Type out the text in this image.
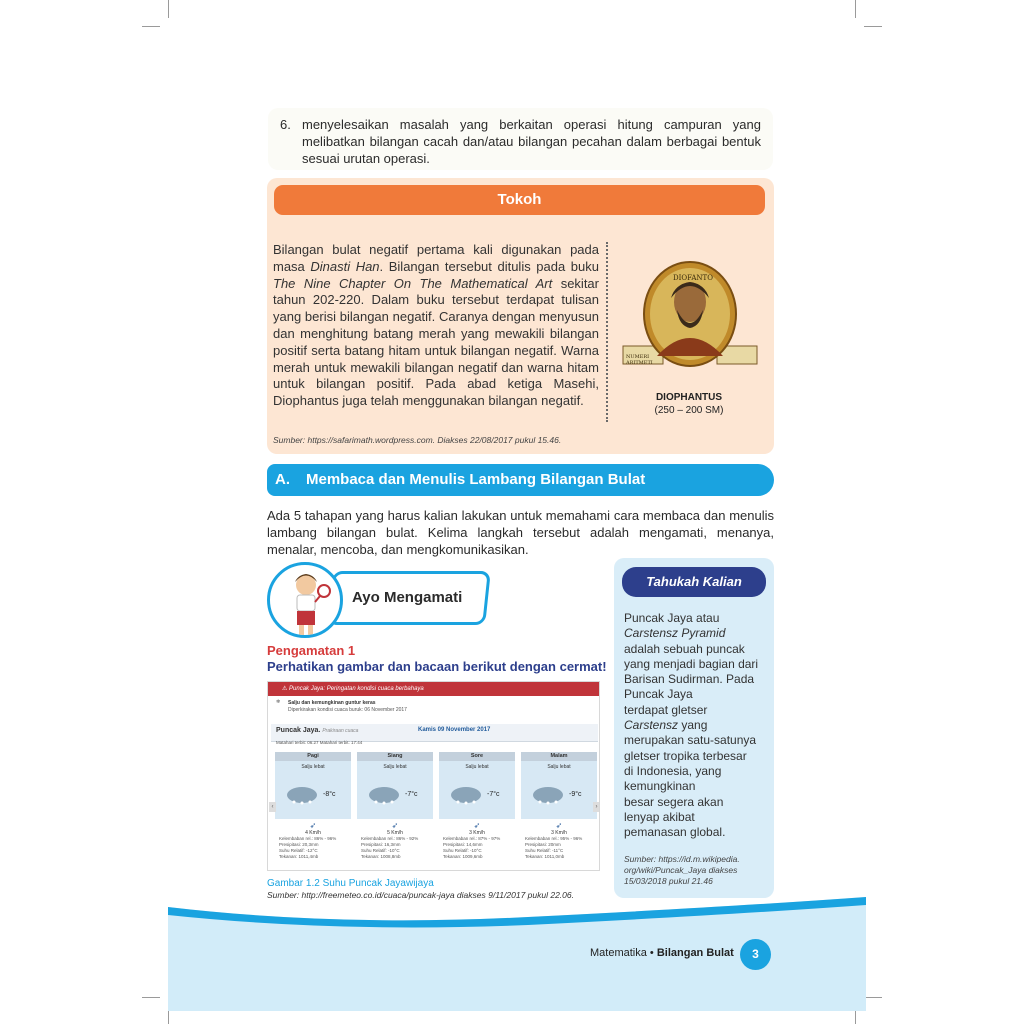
6. menyelesaikan masalah yang berkaitan operasi hitung campuran yang melibatkan bilangan cacah dan/atau bilangan pecahan dalam berbagai bentuk sesuai urutan operasi.

Tokoh

Bilangan bulat negatif pertama kali digunakan pada masa Dinasti Han. Bilangan tersebut ditulis pada buku The Nine Chapter On The Mathematical Art sekitar tahun 202-220. Dalam buku tersebut terdapat tulisan yang berisi bilangan negatif. Caranya dengan menyusun dan menghitung batang merah yang mewakili bilangan positif serta batang hitam untuk bilangan negatif. Warna merah untuk mewakili bilangan negatif dan warna hitam untuk bilangan positif. Pada abad ketiga Masehi, Diophantus juga telah menggunakan bilangan negatif.

DIOFANTO
NUMERI
ARITMETI
DIOPHANTUS
(250 – 200 SM)
Sumber: https://safarimath.wordpress.com. Diakses 22/08/2017 pukul 15.46.
A. Membaca dan Menulis Lambang Bilangan Bulat

Ada 5 tahapan yang harus kalian lakukan untuk memahami cara membaca dan menulis lambang bilangan bulat. Kelima langkah tersebut adalah mengamati, menanya, menalar, mencoba, dan mengkomunikasikan.

Ayo Mengamati
Pengamatan 1
Perhatikan gambar dan bacaan berikut dengan cermat!
⚠ Puncak Jaya: Peringatan kondisi cuaca berbahaya
❄ Salju dan kemungkinan guntur keras
Diperkirakan kondisi cuaca buruk: 06 November 2017
Puncak Jaya. Prakiraan cuaca	Kamis 09 November 2017
Matahari terbit: 06:27 Matahari terbit: 17:44
Pagi
Salju lebat
-8°c
➶
4 Km/h
Kelembaban rel.: 86% - 96%
Presipitasi: 20,3mm
Suhu Relatif: -12°C
Tekanan: 1011,4mb
Siang
Salju lebat
-7°c
➶
5 Km/h
Kelembaban rel.: 86% - 92%
Presipitasi: 16,3mm
Suhu Relatif: -10°C
Tekanan: 1008,8mb
Sore
Salju lebat
-7°c
➶
3 Km/h
Kelembaban rel.: 87% - 97%
Presipitasi: 14,6mm
Suhu Relatif: -10°C
Tekanan: 1009,6mb
Malam
Salju lebat
-9°c
➶
3 Km/h
Kelembaban rel.: 95% - 96%
Presipitasi: 20mm
Suhu Relatif: -11°C
Tekanan: 1011,0mb
‹	›
Gambar 1.2 Suhu Puncak Jayawijaya
Sumber: http://freemeteo.co.id/cuaca/puncak-jaya diakses 9/11/2017 pukul 22.06.
Tahukah Kalian
Puncak Jaya atau
Carstensz Pyramid
adalah sebuah puncak
yang menjadi bagian dari
Barisan Sudirman. Pada
Puncak Jaya
terdapat gletser
Carstensz yang
merupakan satu-satunya
gletser tropika terbesar
di Indonesia, yang
kemungkinan
besar segera akan
lenyap akibat
pemanasan global.
Sumber: https://id.m.wikipedia. org/wiki/Puncak_Jaya diakses 15/03/2018 pukul 21.46
Matematika • Bilangan Bulat	3
